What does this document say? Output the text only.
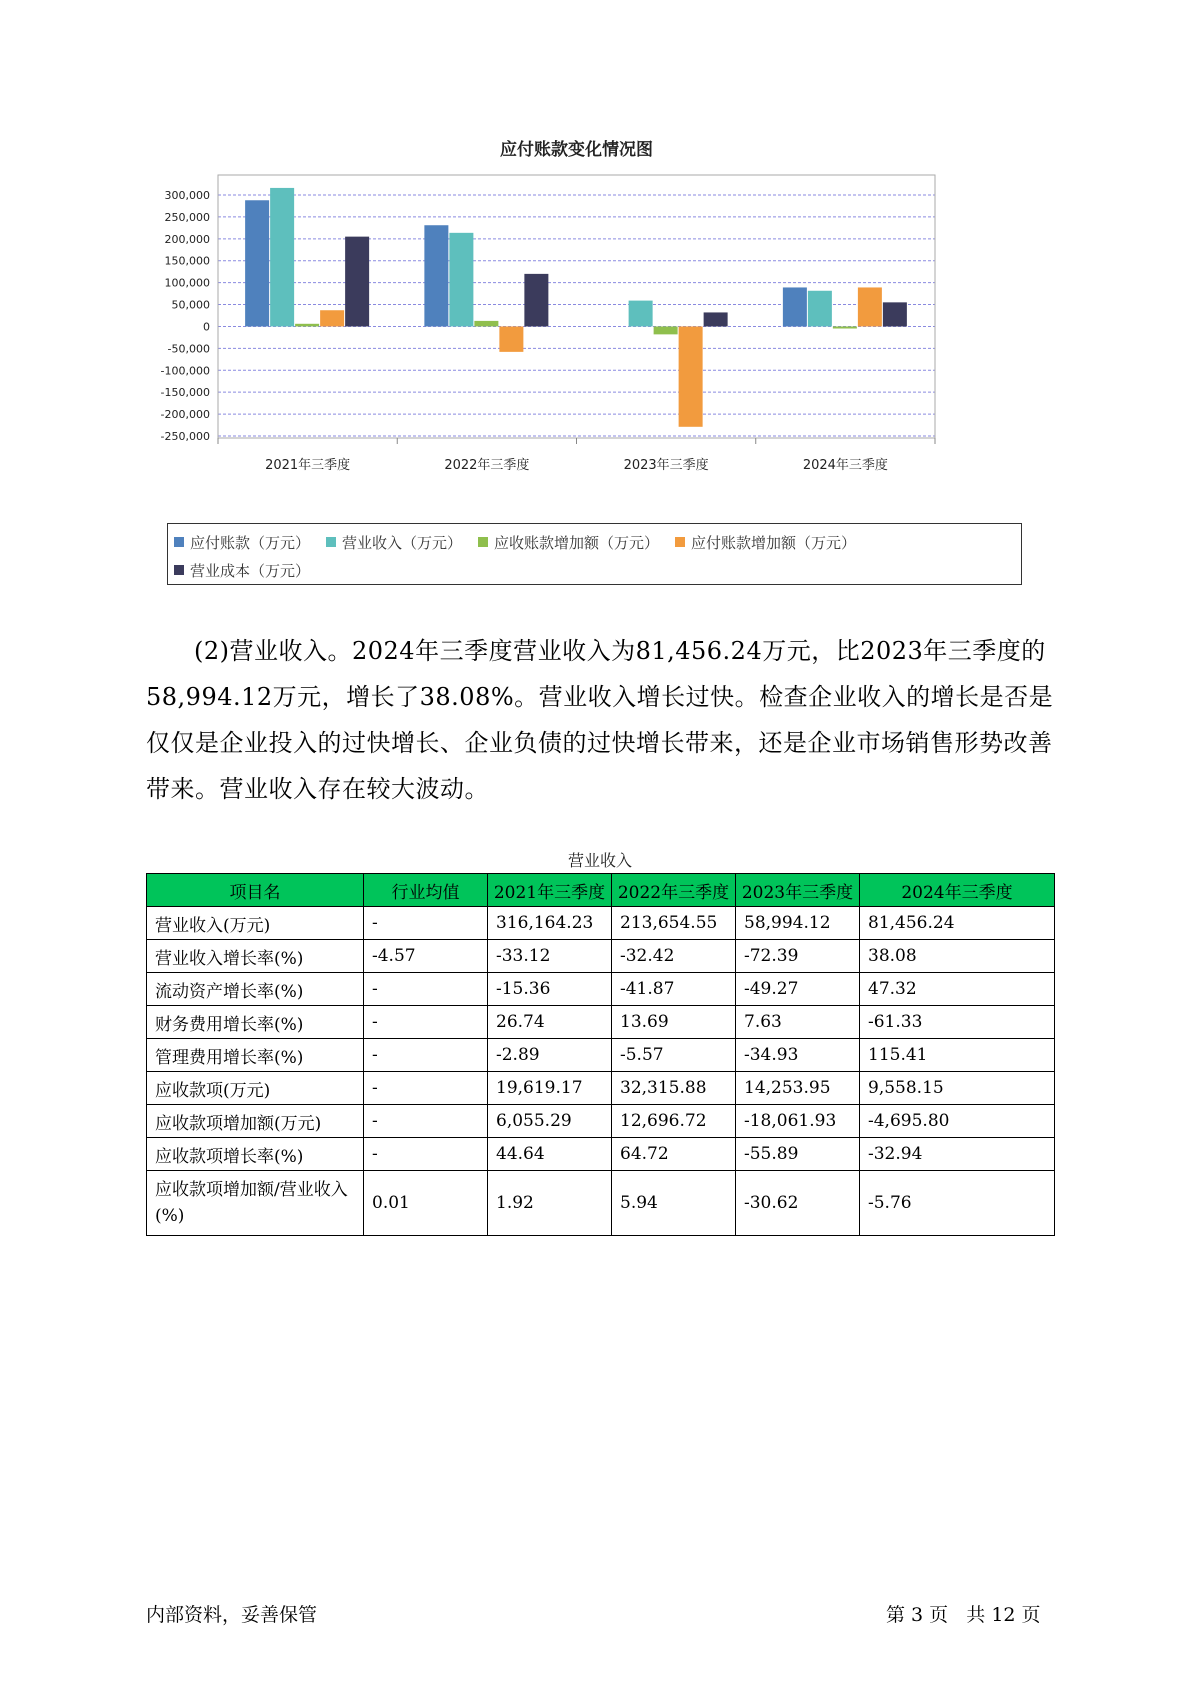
应付账款变化情况图
300,000
250,000
200,000
150,000
100,000
50,000
0
-50,000
-100,000
-150,000
-200,000
-250,000
2021年三季度	2022年三季度	2023年三季度	2024年三季度
应付账款（万元） 营业收入（万元） 应收账款增加额（万元） 应付账款增加额（万元）
营业成本（万元）

(2)营业收入。2024年三季度营业收入为81,456.24万元，比2023年三季度的58,994.12万元，增长了38.08%。营业收入增长过快。检查企业收入的增长是否是仅仅是企业投入的过快增长、企业负债的过快增长带来，还是企业市场销售形势改善带来。营业收入存在较大波动。

营业收入
项目名	行业均值	2021年三季度	2022年三季度	2023年三季度	2024年三季度
营业收入(万元)	-	316,164.23	213,654.55	58,994.12	81,456.24
营业收入增长率(%)	-4.57	-33.12	-32.42	-72.39	38.08
流动资产增长率(%)	-	-15.36	-41.87	-49.27	47.32
财务费用增长率(%)	-	26.74	13.69	7.63	-61.33
管理费用增长率(%)	-	-2.89	-5.57	-34.93	115.41
应收款项(万元)	-	19,619.17	32,315.88	14,253.95	9,558.15
应收款项增加额(万元)	-	6,055.29	12,696.72	-18,061.93	-4,695.80
应收款项增长率(%)	-	44.64	64.72	-55.89	-32.94
应收款项增加额/营业收入(%)	0.01	1.92	5.94	-30.62	-5.76
内部资料，妥善保管	第 3 页   共 12 页
